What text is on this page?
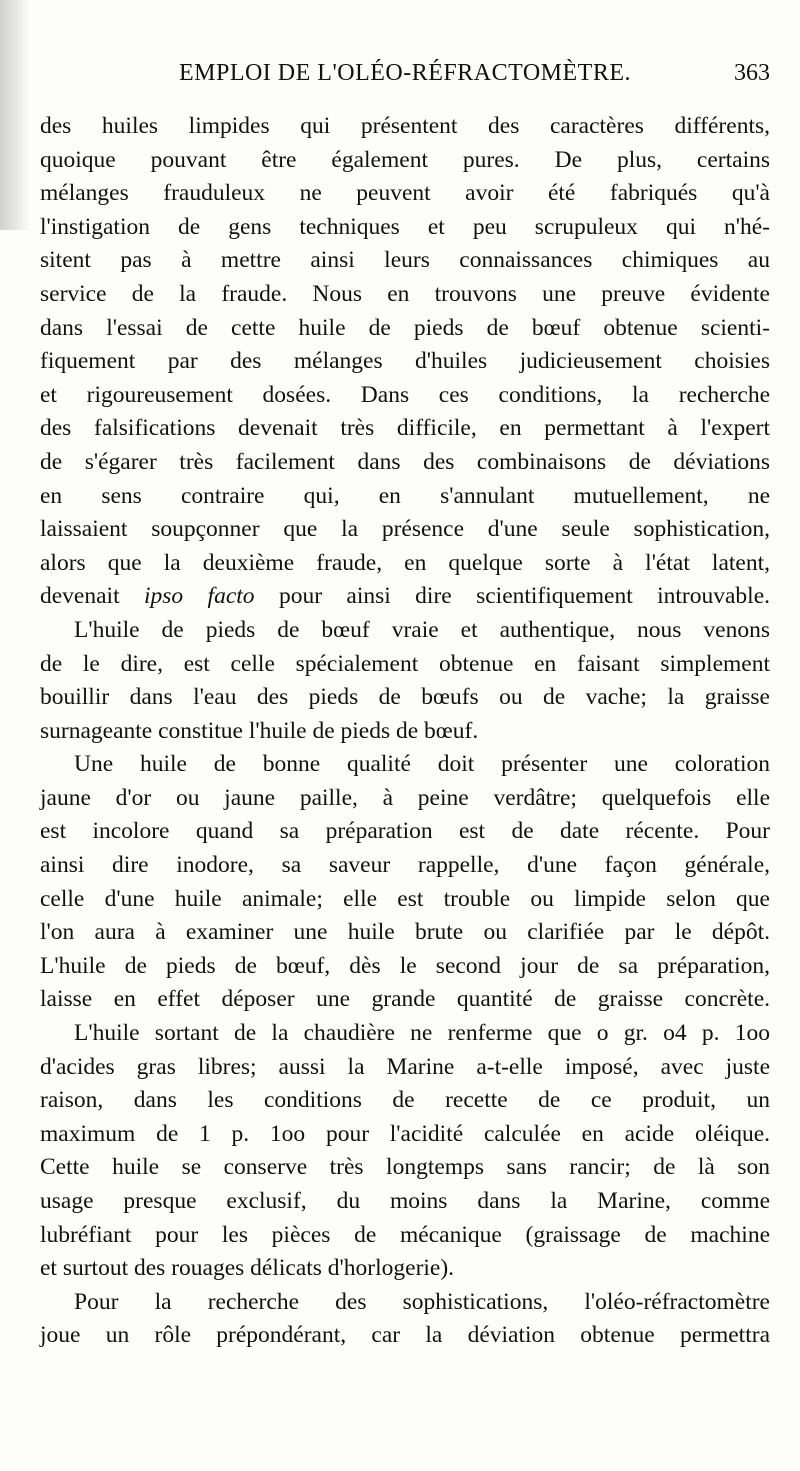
EMPLOI DE L'OLÉO-RÉFRACTOMÈTRE.	363
des huiles limpides qui présentent des caractères différents,
quoique pouvant être également pures. De plus, certains
mélanges frauduleux ne peuvent avoir été fabriqués qu'à
l'instigation de gens techniques et peu scrupuleux qui n'hé-
sitent pas à mettre ainsi leurs connaissances chimiques au
service de la fraude. Nous en trouvons une preuve évidente
dans l'essai de cette huile de pieds de bœuf obtenue scienti-
fiquement par des mélanges d'huiles judicieusement choisies
et rigoureusement dosées. Dans ces conditions, la recherche
des falsifications devenait très difficile, en permettant à l'expert
de s'égarer très facilement dans des combinaisons de déviations
en sens contraire qui, en s'annulant mutuellement, ne
laissaient soupçonner que la présence d'une seule sophistication,
alors que la deuxième fraude, en quelque sorte à l'état latent,
devenait ipso facto pour ainsi dire scientifiquement introuvable.
L'huile de pieds de bœuf vraie et authentique, nous venons
de le dire, est celle spécialement obtenue en faisant simplement
bouillir dans l'eau des pieds de bœufs ou de vache; la graisse
surnageante constitue l'huile de pieds de bœuf.
Une huile de bonne qualité doit présenter une coloration
jaune d'or ou jaune paille, à peine verdâtre; quelquefois elle
est incolore quand sa préparation est de date récente. Pour
ainsi dire inodore, sa saveur rappelle, d'une façon générale,
celle d'une huile animale; elle est trouble ou limpide selon que
l'on aura à examiner une huile brute ou clarifiée par le dépôt.
L'huile de pieds de bœuf, dès le second jour de sa préparation,
laisse en effet déposer une grande quantité de graisse concrète.
L'huile sortant de la chaudière ne renferme que o gr. o4 p. 1oo
d'acides gras libres; aussi la Marine a-t-elle imposé, avec juste
raison, dans les conditions de recette de ce produit, un
maximum de 1 p. 1oo pour l'acidité calculée en acide oléique.
Cette huile se conserve très longtemps sans rancir; de là son
usage presque exclusif, du moins dans la Marine, comme
lubréfiant pour les pièces de mécanique (graissage de machine
et surtout des rouages délicats d'horlogerie).
Pour la recherche des sophistications, l'oléo-réfractomètre
joue un rôle prépondérant, car la déviation obtenue permettra
